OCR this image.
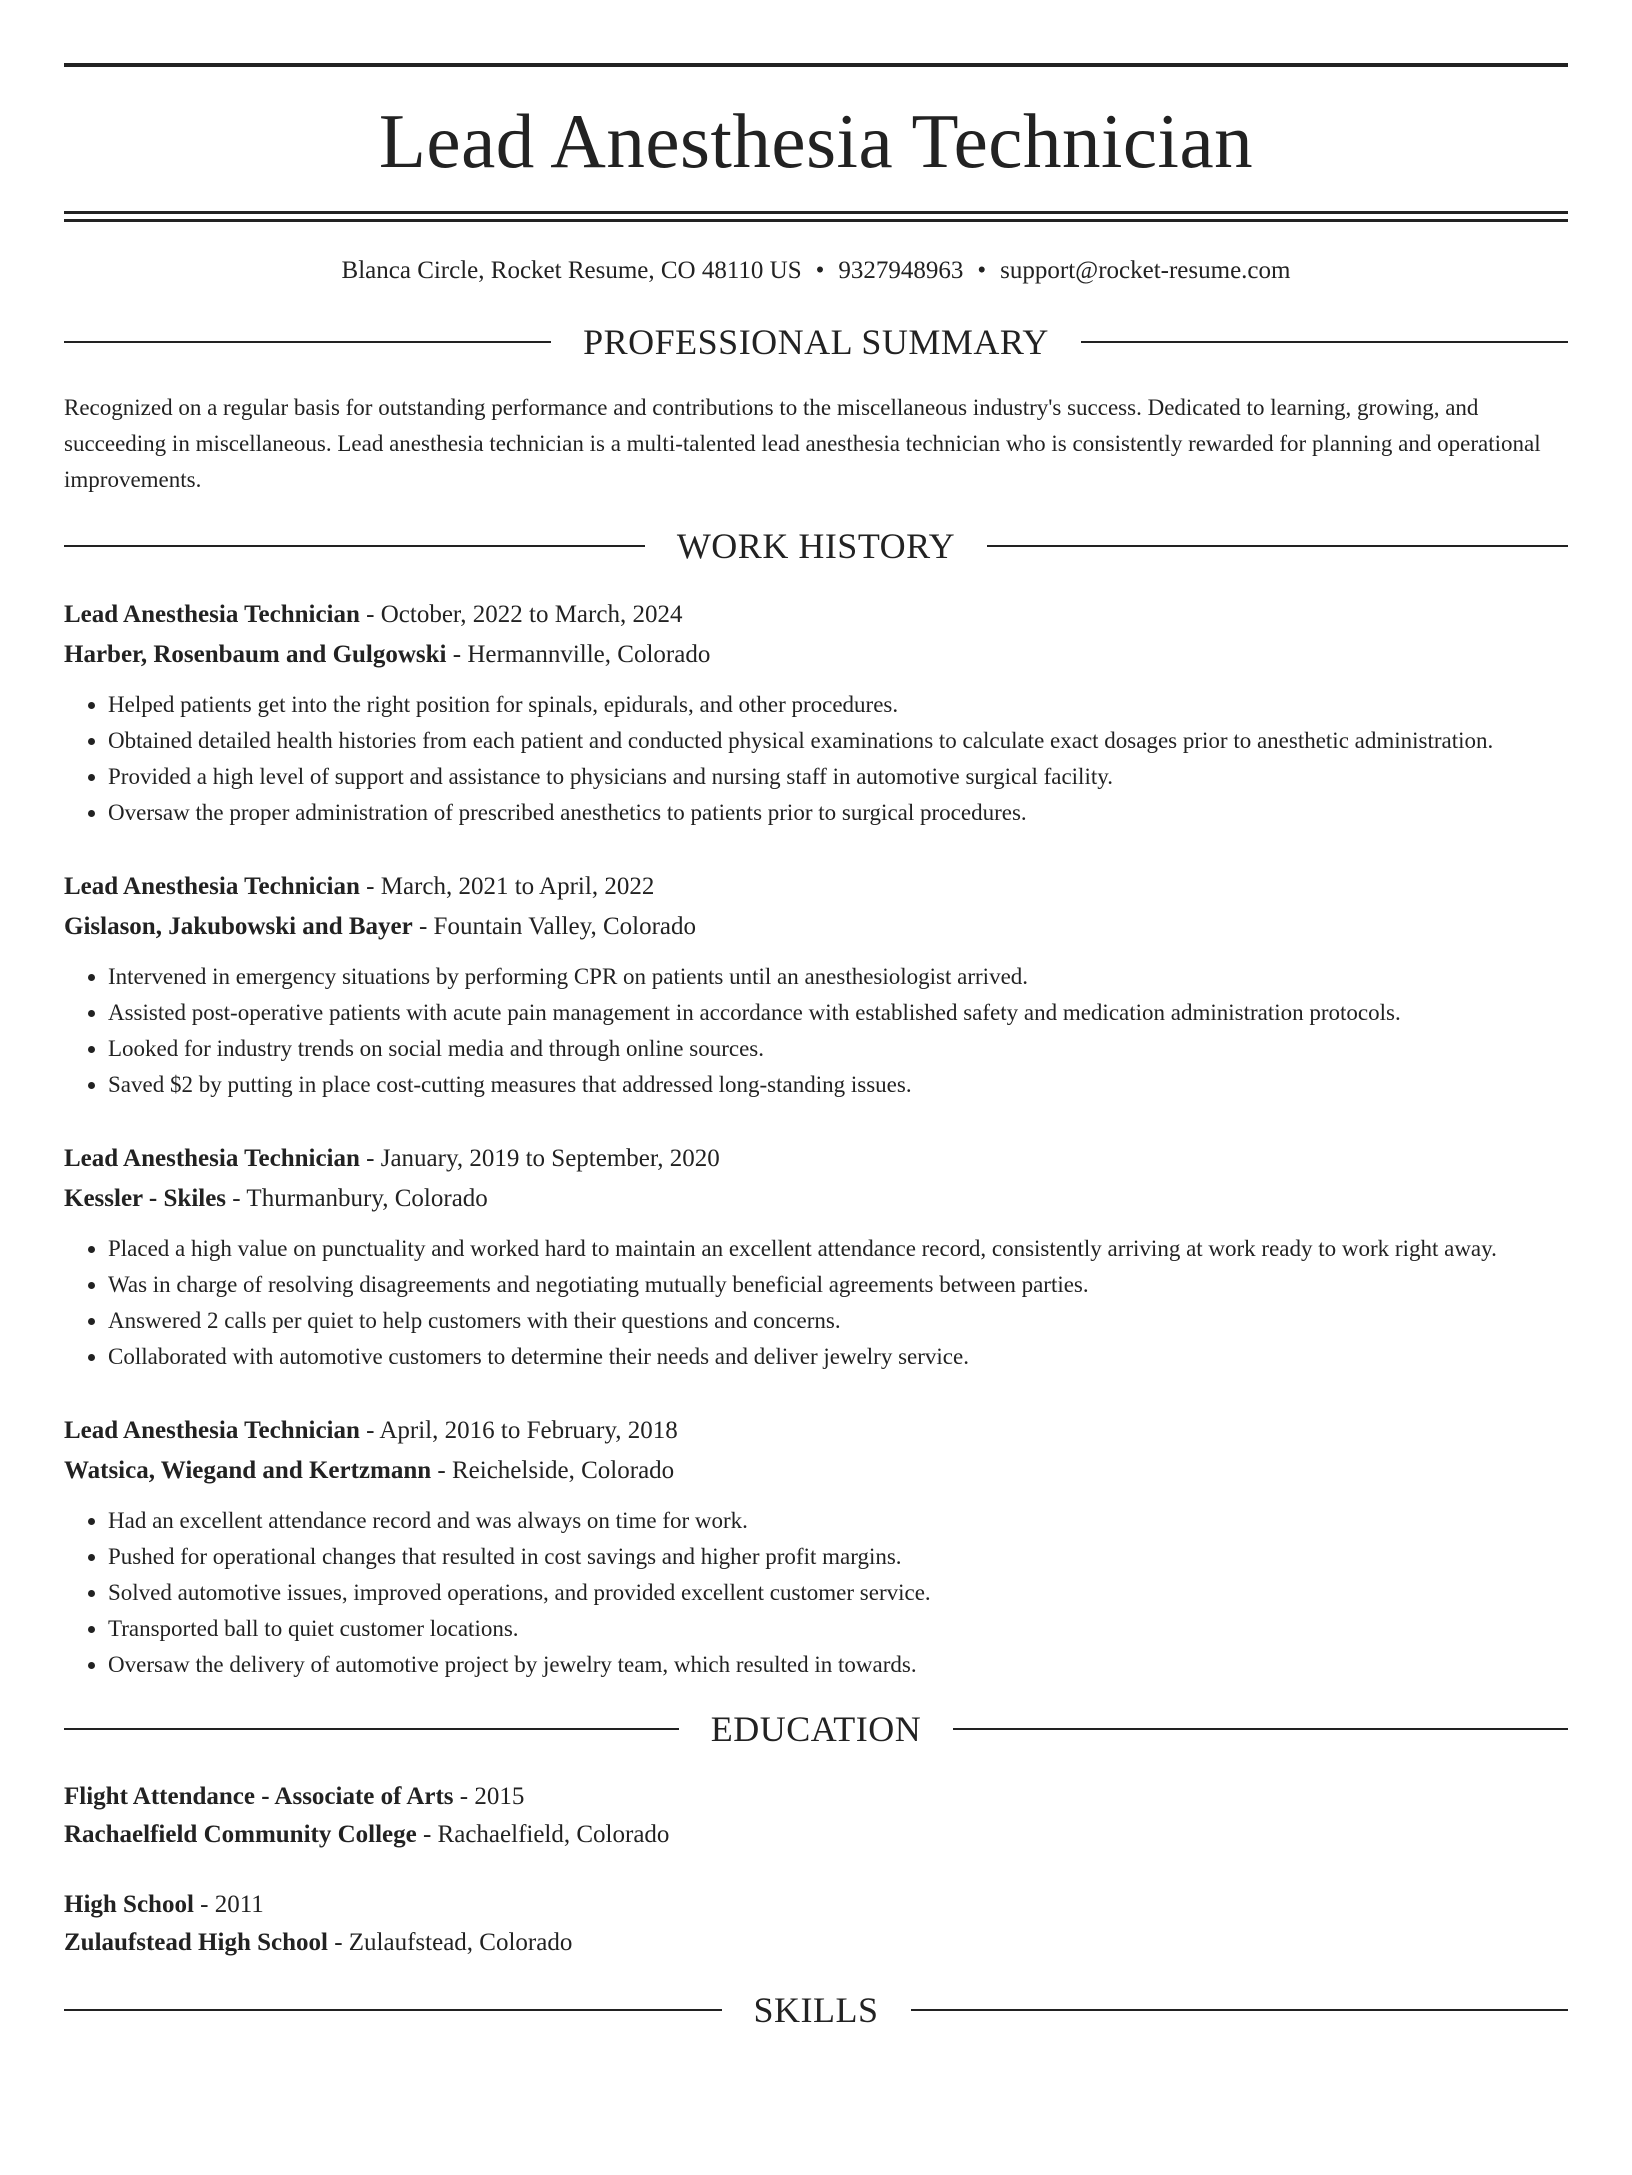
Lead Anesthesia Technician
Blanca Circle, Rocket Resume, CO 48110 US • 9327948963 • support@rocket-resume.com
PROFESSIONAL SUMMARY
Recognized on a regular basis for outstanding performance and contributions to the miscellaneous industry's success. Dedicated to learning, growing, and succeeding in miscellaneous. Lead anesthesia technician is a multi-talented lead anesthesia technician who is consistently rewarded for planning and operational improvements.
WORK HISTORY
Lead Anesthesia Technician - October, 2022 to March, 2024
Harber, Rosenbaum and Gulgowski - Hermannville, Colorado
• Helped patients get into the right position for spinals, epidurals, and other procedures.
• Obtained detailed health histories from each patient and conducted physical examinations to calculate exact dosages prior to anesthetic administration.
• Provided a high level of support and assistance to physicians and nursing staff in automotive surgical facility.
• Oversaw the proper administration of prescribed anesthetics to patients prior to surgical procedures.
Lead Anesthesia Technician - March, 2021 to April, 2022
Gislason, Jakubowski and Bayer - Fountain Valley, Colorado
• Intervened in emergency situations by performing CPR on patients until an anesthesiologist arrived.
• Assisted post-operative patients with acute pain management in accordance with established safety and medication administration protocols.
• Looked for industry trends on social media and through online sources.
• Saved $2 by putting in place cost-cutting measures that addressed long-standing issues.
Lead Anesthesia Technician - January, 2019 to September, 2020
Kessler - Skiles - Thurmanbury, Colorado
• Placed a high value on punctuality and worked hard to maintain an excellent attendance record, consistently arriving at work ready to work right away.
• Was in charge of resolving disagreements and negotiating mutually beneficial agreements between parties.
• Answered 2 calls per quiet to help customers with their questions and concerns.
• Collaborated with automotive customers to determine their needs and deliver jewelry service.
Lead Anesthesia Technician - April, 2016 to February, 2018
Watsica, Wiegand and Kertzmann - Reichelside, Colorado
• Had an excellent attendance record and was always on time for work.
• Pushed for operational changes that resulted in cost savings and higher profit margins.
• Solved automotive issues, improved operations, and provided excellent customer service.
• Transported ball to quiet customer locations.
• Oversaw the delivery of automotive project by jewelry team, which resulted in towards.
EDUCATION
Flight Attendance - Associate of Arts - 2015
Rachaelfield Community College - Rachaelfield, Colorado
High School - 2011
Zulaufstead High School - Zulaufstead, Colorado
SKILLS
